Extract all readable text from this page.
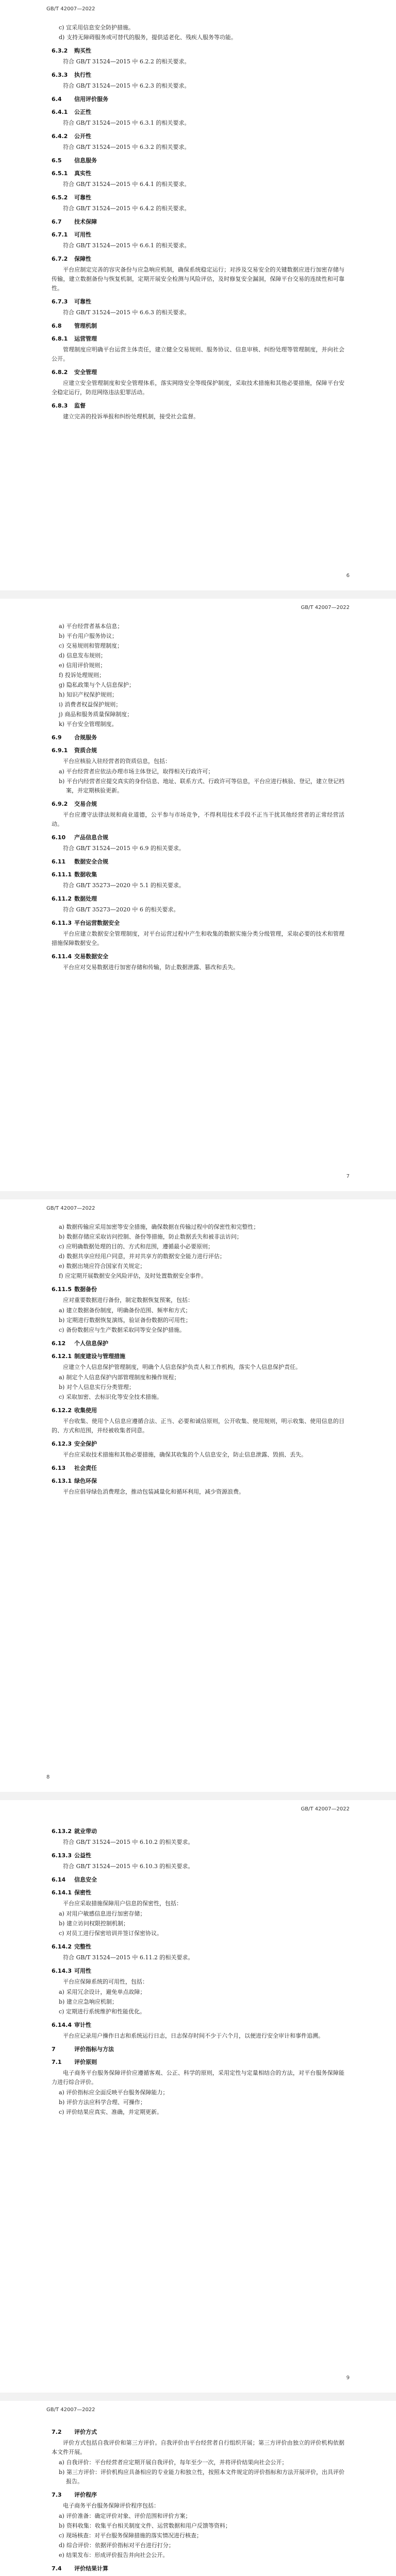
GB/T 42007—2022
c) 宜采用信息安全防护措施。
d) 支持无障碍服务或可替代的服务，提供适老化、残疾人服务等功能。
6.3.2 购买性
符合 GB/T 31524—2015 中 6.2.2 的相关要求。
6.3.3 执行性
符合 GB/T 31524—2015 中 6.2.3 的相关要求。
6.4 信用评价服务
6.4.1 公正性
符合 GB/T 31524—2015 中 6.3.1 的相关要求。
6.4.2 公开性
符合 GB/T 31524—2015 中 6.3.2 的相关要求。
6.5 信息服务
6.5.1 真实性
符合 GB/T 31524—2015 中 6.4.1 的相关要求。
6.5.2 可靠性
符合 GB/T 31524—2015 中 6.4.2 的相关要求。
6.7 技术保障
6.7.1 可用性
符合 GB/T 31524—2015 中 6.6.1 的相关要求。
6.7.2 保障性
平台应制定完善的容灾备份与应急响应机制，确保系统稳定运行；对涉及交易安全的关键数据应进行加密存储与传输，建立数据备份与恢复机制，定期开展安全检测与风险评估，及时修复安全漏洞，保障平台交易的连续性和可靠性。
6.7.3 可靠性
符合 GB/T 31524—2015 中 6.6.3 的相关要求。
6.8 管理机制
6.8.1 运营管理
管理制度应明确平台运营主体责任，建立健全交易规则、服务协议、信息审核、纠纷处理等管理制度，并向社会公开。
6.8.2 安全管理
应建立安全管理制度和安全管理体系，落实网络安全等级保护制度，采取技术措施和其他必要措施，保障平台安全稳定运行，防范网络违法犯罪活动。
6.8.3 监督
建立完善的投诉举报和纠纷处理机制，接受社会监督。
6
GB/T 42007—2022
a) 平台经营者基本信息；
b) 平台用户服务协议；
c) 交易规则和管理制度；
d) 信息发布规则；
e) 信用评价规则；
f) 投诉处理规则；
g) 隐私政策与个人信息保护；
h) 知识产权保护规则；
i) 消费者权益保护规则；
j) 商品和服务质量保障制度；
k) 平台安全管理制度。
6.9 合规服务
6.9.1 资质合规
平台应核验入驻经营者的资质信息，包括：
a) 平台经营者应依法办理市场主体登记，取得相关行政许可；
b) 平台内经营者应提交真实的身份信息、地址、联系方式、行政许可等信息，平台应进行核验、登记，建立登记档案，并定期核验更新。
6.9.2 交易合规
平台应遵守法律法规和商业道德，公平参与市场竞争，不得利用技术手段不正当干扰其他经营者的正常经营活动。
6.10 产品信息合规
符合 GB/T 31524—2015 中 6.9 的相关要求。
6.11 数据安全合规
6.11.1 数据收集
符合 GB/T 35273—2020 中 5.1 的相关要求。
6.11.2 数据处理
符合 GB/T 35273—2020 中 6 的相关要求。
6.11.3 平台运营数据安全
平台应建立数据安全管理制度，对平台运营过程中产生和收集的数据实施分类分级管理，采取必要的技术和管理措施保障数据安全。
6.11.4 交易数据安全
平台应对交易数据进行加密存储和传输，防止数据泄露、篡改和丢失。
7
GB/T 42007—2022
a) 数据传输应采用加密等安全措施，确保数据在传输过程中的保密性和完整性；
b) 数据存储应采取访问控制、备份等措施，防止数据丢失和被非法访问；
c) 应明确数据处理的目的、方式和范围，遵循最小必要原则；
d) 数据共享应经用户同意，并对共享方的数据安全能力进行评估；
e) 数据出境应符合国家有关规定；
f) 应定期开展数据安全风险评估，及时处置数据安全事件。
6.11.5 数据备份
应对重要数据进行备份，制定数据恢复预案，包括：
a) 建立数据备份制度，明确备份范围、频率和方式；
b) 定期进行数据恢复演练，验证备份数据的可用性；
c) 备份数据应与生产数据采取同等安全保护措施。
6.12 个人信息保护
6.12.1 制度建设与管理措施
应建立个人信息保护管理制度，明确个人信息保护负责人和工作机构，落实个人信息保护责任。
a) 制定个人信息保护内部管理制度和操作规程；
b) 对个人信息实行分类管理；
c) 采取加密、去标识化等安全技术措施。
6.12.2 收集使用
平台收集、使用个人信息应遵循合法、正当、必要和诚信原则，公开收集、使用规则，明示收集、使用信息的目的、方式和范围，并经被收集者同意。
6.12.3 安全保护
平台应采取技术措施和其他必要措施，确保其收集的个人信息安全，防止信息泄露、毁损、丢失。
6.13 社会责任
6.13.1 绿色环保
平台应倡导绿色消费理念，推动包装减量化和循环利用，减少资源浪费。
8
GB/T 42007—2022
6.13.2 就业带动
符合 GB/T 31524—2015 中 6.10.2 的相关要求。
6.13.3 公益性
符合 GB/T 31524—2015 中 6.10.3 的相关要求。
6.14 信息安全
6.14.1 保密性
平台应采取措施保障用户信息的保密性，包括：
a) 对用户敏感信息进行加密存储；
b) 建立访问权限控制机制；
c) 对员工进行保密培训并签订保密协议。
6.14.2 完整性
符合 GB/T 31524—2015 中 6.11.2 的相关要求。
6.14.3 可用性
平台应保障系统的可用性，包括：
a) 采用冗余设计，避免单点故障；
b) 建立应急响应机制；
c) 定期进行系统维护和性能优化。
6.14.4 审计性
平台应记录用户操作日志和系统运行日志，日志保存时间不少于六个月，以便进行安全审计和事件追溯。
7	评价指标与方法
7.1 评价原则
电子商务平台服务保障评价应遵循客观、公正、科学的原则，采用定性与定量相结合的方法，对平台服务保障能力进行综合评价。
a) 评价指标应全面反映平台服务保障能力；
b) 评价方法应科学合理、可操作；
c) 评价结果应真实、准确，并定期更新。
9
GB/T 42007—2022
7.2 评价方式
评价方式包括自我评价和第三方评价。自我评价由平台经营者自行组织开展；第三方评价由独立的评价机构依据本文件开展。
a) 自我评价：平台经营者应定期开展自我评价，每年至少一次，并将评价结果向社会公开；
b) 第三方评价：评价机构应具备相应的专业能力和独立性，按照本文件规定的评价指标和方法开展评价，出具评价报告。
7.3 评价程序
电子商务平台服务保障评价程序包括：
a) 评价准备：确定评价对象、评价范围和评价方案；
b) 资料收集：收集平台相关制度文件、运营数据和用户反馈等资料；
c) 现场核查：对平台服务保障措施的落实情况进行核查；
d) 综合评价：依据评价指标对平台进行打分；
e) 结果发布：形成评价报告并向社会公开。
7.4 评价结果计算
